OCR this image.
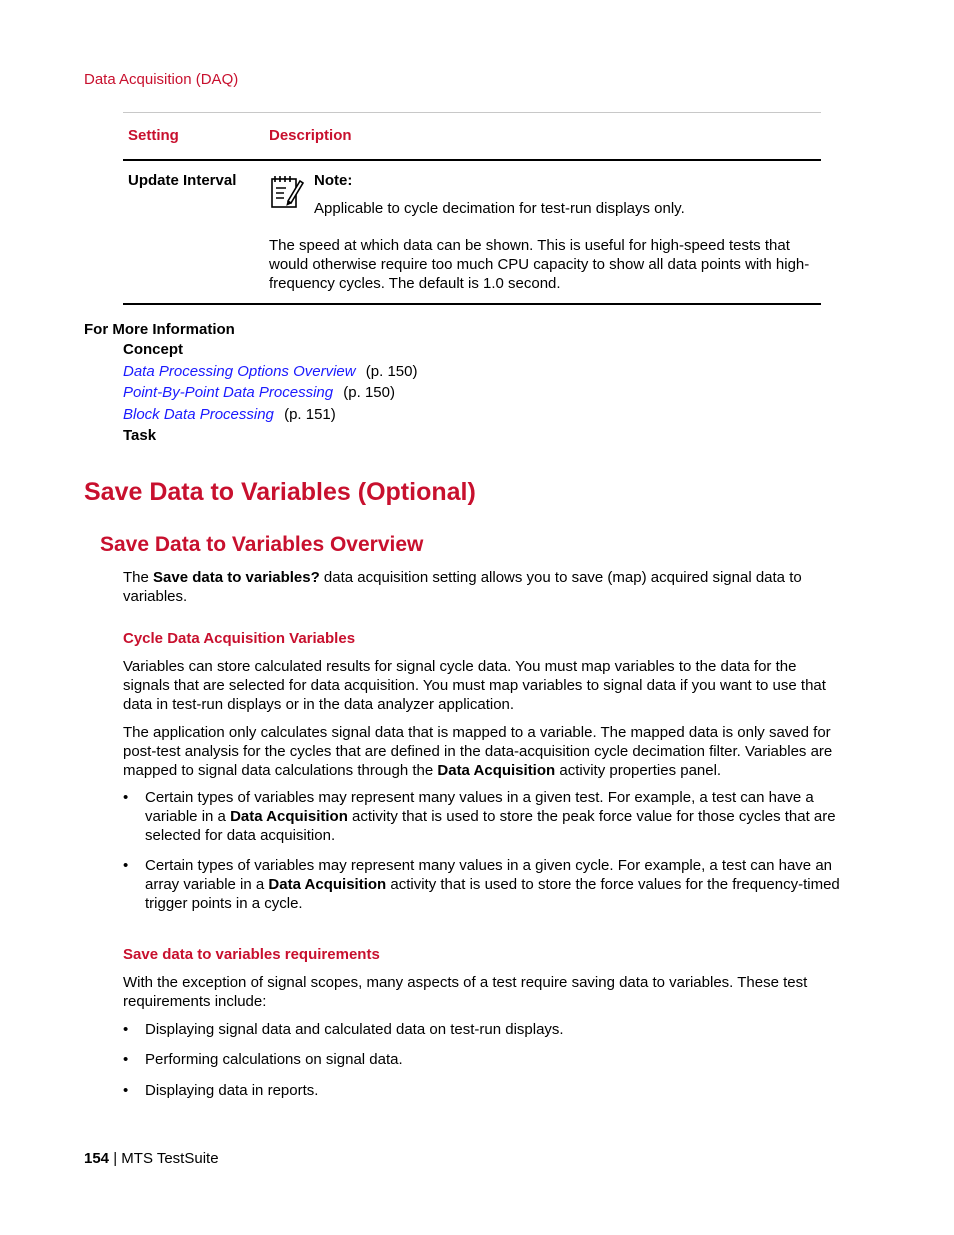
Data Acquisition (DAQ)
Setting	Description
Update Interval	Note:
Applicable to cycle decimation for test-run displays only.
The speed at which data can be shown. This is useful for high-speed tests that would otherwise require too much CPU capacity to show all data points with high-frequency cycles. The default is 1.0 second.
For More Information
Concept
Data Processing Options Overview (p. 150)
Point-By-Point Data Processing (p. 150)
Block Data Processing (p. 151)
Task
Save Data to Variables (Optional)
Save Data to Variables Overview
The Save data to variables? data acquisition setting allows you to save (map) acquired signal data to variables.
Cycle Data Acquisition Variables
Variables can store calculated results for signal cycle data. You must map variables to the data for the signals that are selected for data acquisition. You must map variables to signal data if you want to use that data in test-run displays or in the data analyzer application.
The application only calculates signal data that is mapped to a variable. The mapped data is only saved for post-test analysis for the cycles that are defined in the data-acquisition cycle decimation filter. Variables are mapped to signal data calculations through the Data Acquisition activity properties panel.
• Certain types of variables may represent many values in a given test. For example, a test can have a variable in a Data Acquisition activity that is used to store the peak force value for those cycles that are selected for data acquisition.
• Certain types of variables may represent many values in a given cycle. For example, a test can have an array variable in a Data Acquisition activity that is used to store the force values for the frequency-timed trigger points in a cycle.
Save data to variables requirements
With the exception of signal scopes, many aspects of a test require saving data to variables. These test requirements include:
• Displaying signal data and calculated data on test-run displays.
• Performing calculations on signal data.
• Displaying data in reports.
154 | MTS TestSuite
